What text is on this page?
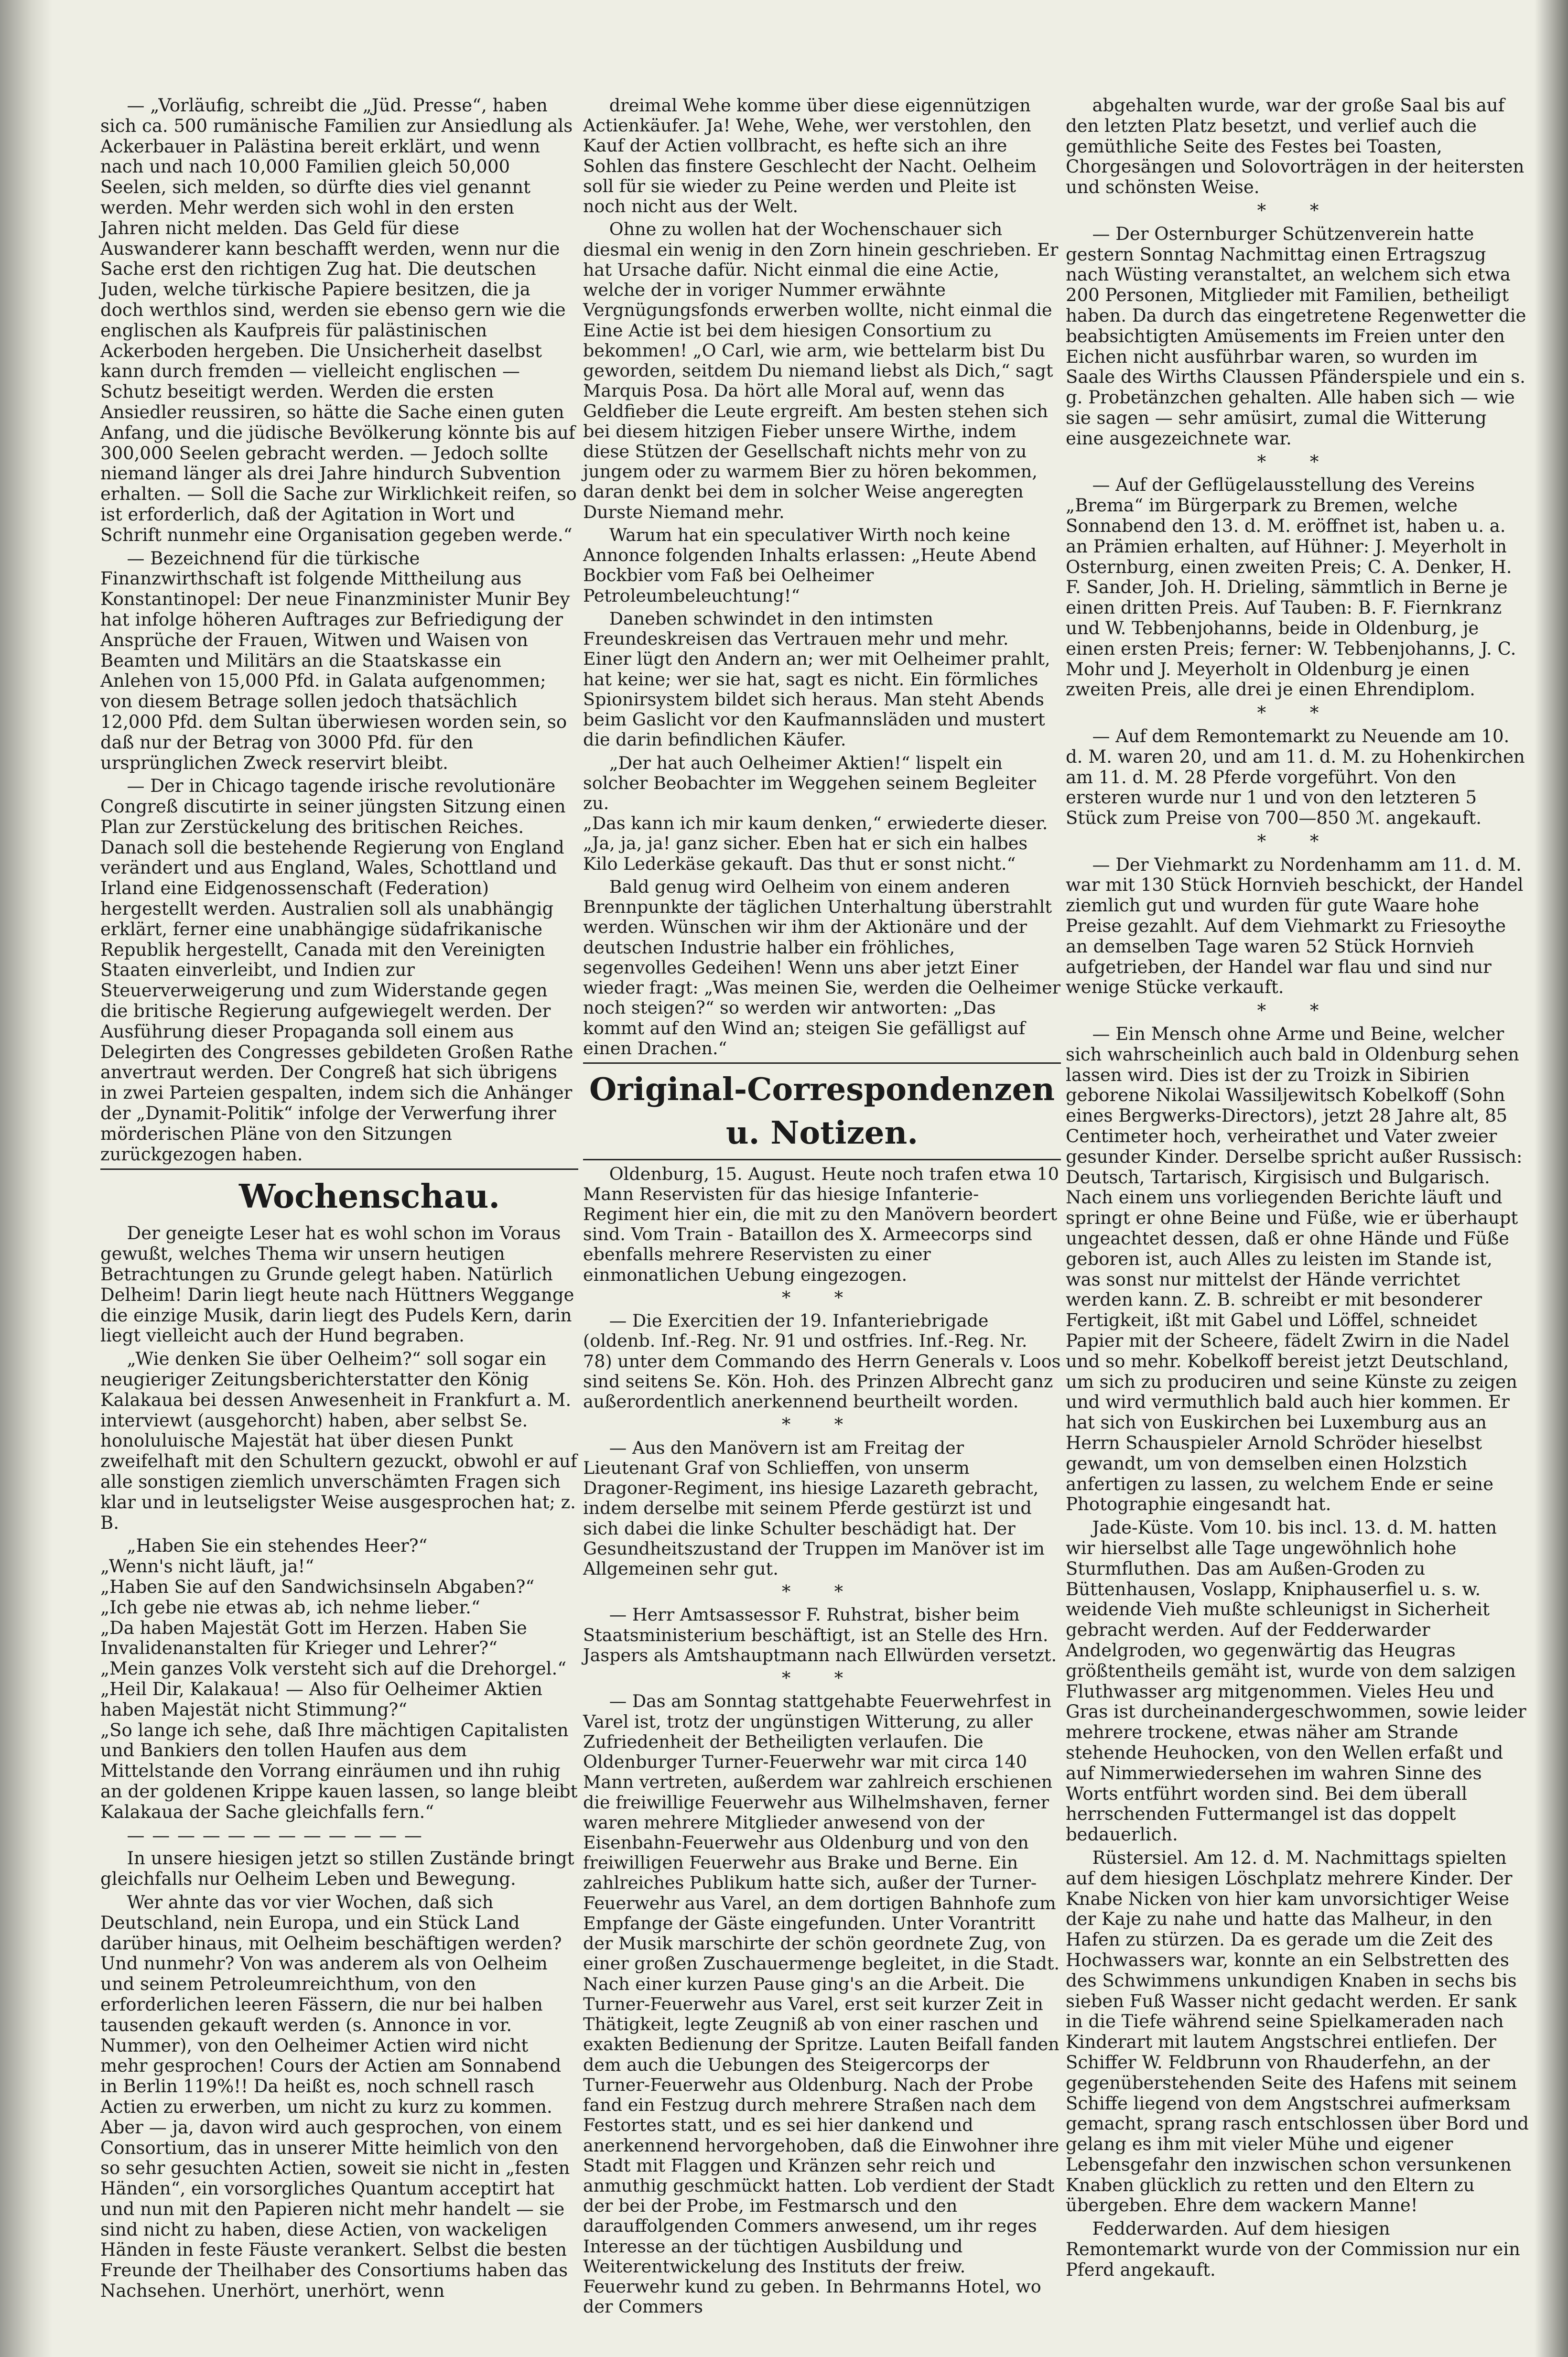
— „Vorläufig, schreibt die „Jüd. Presse“, haben sich ca. 500 rumänische Familien zur Ansiedlung als Ackerbauer in Palästina bereit erklärt, und wenn nach und nach 10,000 Familien gleich 50,000 Seelen, sich melden, so dürfte dies viel genannt werden. Mehr werden sich wohl in den ersten Jahren nicht melden. Das Geld für diese Auswanderer kann beschafft werden, wenn nur die Sache erst den richtigen Zug hat. Die deutschen Juden, welche türkische Papiere besitzen, die ja doch werthlos sind, werden sie ebenso gern wie die englischen als Kaufpreis für palästinischen Ackerboden hergeben. Die Unsicherheit daselbst kann durch fremden — vielleicht englischen — Schutz beseitigt werden. Werden die ersten Ansiedler reussiren, so hätte die Sache einen guten Anfang, und die jüdische Bevölkerung könnte bis auf 300,000 Seelen gebracht werden. — Jedoch sollte niemand länger als drei Jahre hindurch Subvention erhalten. — Soll die Sache zur Wirklichkeit reifen, so ist erforderlich, daß der Agitation in Wort und Schrift nunmehr eine Organisation gegeben werde.“

— Bezeichnend für die türkische Finanzwirthschaft ist folgende Mittheilung aus Konstantinopel: Der neue Finanzminister Munir Bey hat infolge höheren Auftrages zur Befriedigung der Ansprüche der Frauen, Witwen und Waisen von Beamten und Militärs an die Staatskasse ein Anlehen von 15,000 Pfd. in Galata aufgenommen; von diesem Betrage sollen jedoch thatsächlich 12,000 Pfd. dem Sultan überwiesen worden sein, so daß nur der Betrag von 3000 Pfd. für den ursprünglichen Zweck reservirt bleibt.

— Der in Chicago tagende irische revolutionäre Congreß discutirte in seiner jüngsten Sitzung einen Plan zur Zerstückelung des britischen Reiches. Danach soll die bestehende Regierung von England verändert und aus England, Wales, Schottland und Irland eine Eidgenossenschaft (Federation) hergestellt werden. Australien soll als unabhängig erklärt, ferner eine unabhängige südafrikanische Republik hergestellt, Canada mit den Vereinigten Staaten einverleibt, und Indien zur Steuerverweigerung und zum Widerstande gegen die britische Regierung aufgewiegelt werden. Der Ausführung dieser Propaganda soll einem aus Delegirten des Congresses gebildeten Großen Rathe anvertraut werden. Der Congreß hat sich übrigens in zwei Parteien gespalten, indem sich die Anhänger der „Dynamit-Politik“ infolge der Verwerfung ihrer mörderischen Pläne von den Sitzungen zurückgezogen haben.

Wochenschau.

Der geneigte Leser hat es wohl schon im Voraus gewußt, welches Thema wir unsern heutigen Betrachtungen zu Grunde gelegt haben. Natürlich Delheim! Darin liegt heute nach Hüttners Weggange die einzige Musik, darin liegt des Pudels Kern, darin liegt vielleicht auch der Hund begraben.

„Wie denken Sie über Oelheim?“ soll sogar ein neugieriger Zeitungsberichterstatter den König Kalakaua bei dessen Anwesenheit in Frankfurt a. M. interviewt (ausgehorcht) haben, aber selbst Se. honoluluische Majestät hat über diesen Punkt zweifelhaft mit den Schultern gezuckt, obwohl er auf alle sonstigen ziemlich unverschämten Fragen sich klar und in leutseligster Weise ausgesprochen hat; z. B.

„Haben Sie ein stehendes Heer?“
„Wenn's nicht läuft, ja!“
„Haben Sie auf den Sandwichsinseln Abgaben?“
„Ich gebe nie etwas ab, ich nehme lieber.“
„Da haben Majestät Gott im Herzen. Haben Sie Invalidenanstalten für Krieger und Lehrer?“
„Mein ganzes Volk versteht sich auf die Drehorgel.“
„Heil Dir, Kalakaua! — Also für Oelheimer Aktien haben Majestät nicht Stimmung?“
„So lange ich sehe, daß Ihre mächtigen Capitalisten und Bankiers den tollen Haufen aus dem Mittelstande den Vorrang einräumen und ihn ruhig an der goldenen Krippe kauen lassen, so lange bleibt Kalakaua der Sache gleichfalls fern.“

— — — — — — — — — — — —

In unsere hiesigen jetzt so stillen Zustände bringt gleichfalls nur Oelheim Leben und Bewegung.

Wer ahnte das vor vier Wochen, daß sich Deutschland, nein Europa, und ein Stück Land darüber hinaus, mit Oelheim beschäftigen werden? Und nunmehr? Von was anderem als von Oelheim und seinem Petroleumreichthum, von den erforderlichen leeren Fässern, die nur bei halben tausenden gekauft werden (s. Annonce in vor. Nummer), von den Oelheimer Actien wird nicht mehr gesprochen! Cours der Actien am Sonnabend in Berlin 119%!! Da heißt es, noch schnell rasch Actien zu erwerben, um nicht zu kurz zu kommen. Aber — ja, davon wird auch gesprochen, von einem Consortium, das in unserer Mitte heimlich von den so sehr gesuchten Actien, soweit sie nicht in „festen Händen“, ein vorsorgliches Quantum acceptirt hat und nun mit den Papieren nicht mehr handelt — sie sind nicht zu haben, diese Actien, von wackeligen Händen in feste Fäuste verankert. Selbst die besten Freunde der Theilhaber des Consortiums haben das Nachsehen. Unerhört, unerhört, wenn

dreimal Wehe komme über diese eigennützigen Actienkäufer. Ja! Wehe, Wehe, wer verstohlen, den Kauf der Actien vollbracht, es hefte sich an ihre Sohlen das finstere Geschlecht der Nacht. Oelheim soll für sie wieder zu Peine werden und Pleite ist noch nicht aus der Welt.

Ohne zu wollen hat der Wochenschauer sich diesmal ein wenig in den Zorn hinein geschrieben. Er hat Ursache dafür. Nicht einmal die eine Actie, welche der in voriger Nummer erwähnte Vergnügungsfonds erwerben wollte, nicht einmal die Eine Actie ist bei dem hiesigen Consortium zu bekommen! „O Carl, wie arm, wie bettelarm bist Du geworden, seitdem Du niemand liebst als Dich,“ sagt Marquis Posa. Da hört alle Moral auf, wenn das Geldfieber die Leute ergreift. Am besten stehen sich bei diesem hitzigen Fieber unsere Wirthe, indem diese Stützen der Gesellschaft nichts mehr von zu jungem oder zu warmem Bier zu hören bekommen, daran denkt bei dem in solcher Weise angeregten Durste Niemand mehr.

Warum hat ein speculativer Wirth noch keine Annonce folgenden Inhalts erlassen: „Heute Abend Bockbier vom Faß bei Oelheimer Petroleumbeleuchtung!“

Daneben schwindet in den intimsten Freundeskreisen das Vertrauen mehr und mehr. Einer lügt den Andern an; wer mit Oelheimer prahlt, hat keine; wer sie hat, sagt es nicht. Ein förmliches Spionirsystem bildet sich heraus. Man steht Abends beim Gaslicht vor den Kaufmannsläden und mustert die darin befindlichen Käufer.

„Der hat auch Oelheimer Aktien!“ lispelt ein solcher Beobachter im Weggehen seinem Begleiter zu.
„Das kann ich mir kaum denken,“ erwiederte dieser.
„Ja, ja, ja! ganz sicher. Eben hat er sich ein halbes Kilo Lederkäse gekauft. Das thut er sonst nicht.“

Bald genug wird Oelheim von einem anderen Brennpunkte der täglichen Unterhaltung überstrahlt werden. Wünschen wir ihm der Aktionäre und der deutschen Industrie halber ein fröhliches, segenvolles Gedeihen! Wenn uns aber jetzt Einer wieder fragt: „Was meinen Sie, werden die Oelheimer noch steigen?“ so werden wir antworten: „Das kommt auf den Wind an; steigen Sie gefälligst auf einen Drachen.“

Original-Correspondenzen u. Notizen.

Oldenburg, 15. August. Heute noch trafen etwa 10 Mann Reservisten für das hiesige Infanterie-Regiment hier ein, die mit zu den Manövern beordert sind. Vom Train - Bataillon des X. Armeecorps sind ebenfalls mehrere Reservisten zu einer einmonatlichen Uebung eingezogen.

* *

— Die Exercitien der 19. Infanteriebrigade (oldenb. Inf.-Reg. Nr. 91 und ostfries. Inf.-Reg. Nr. 78) unter dem Commando des Herrn Generals v. Loos sind seitens Se. Kön. Hoh. des Prinzen Albrecht ganz außerordentlich anerkennend beurtheilt worden.

* *

— Aus den Manövern ist am Freitag der Lieutenant Graf von Schlieffen, von unserm Dragoner-Regiment, ins hiesige Lazareth gebracht, indem derselbe mit seinem Pferde gestürzt ist und sich dabei die linke Schulter beschädigt hat. Der Gesundheitszustand der Truppen im Manöver ist im Allgemeinen sehr gut.

* *

— Herr Amtsassessor F. Ruhstrat, bisher beim Staatsministerium beschäftigt, ist an Stelle des Hrn. Jaspers als Amtshauptmann nach Ellwürden versetzt.

* *

— Das am Sonntag stattgehabte Feuerwehrfest in Varel ist, trotz der ungünstigen Witterung, zu aller Zufriedenheit der Betheiligten verlaufen. Die Oldenburger Turner-Feuerwehr war mit circa 140 Mann vertreten, außerdem war zahlreich erschienen die freiwillige Feuerwehr aus Wilhelmshaven, ferner waren mehrere Mitglieder anwesend von der Eisenbahn-Feuerwehr aus Oldenburg und von den freiwilligen Feuerwehr aus Brake und Berne. Ein zahlreiches Publikum hatte sich, außer der Turner-Feuerwehr aus Varel, an dem dortigen Bahnhofe zum Empfange der Gäste eingefunden. Unter Vorantritt der Musik marschirte der schön geordnete Zug, von einer großen Zuschauermenge begleitet, in die Stadt. Nach einer kurzen Pause ging's an die Arbeit. Die Turner-Feuerwehr aus Varel, erst seit kurzer Zeit in Thätigkeit, legte Zeugniß ab von einer raschen und exakten Bedienung der Spritze. Lauten Beifall fanden dem auch die Uebungen des Steigercorps der Turner-Feuerwehr aus Oldenburg. Nach der Probe fand ein Festzug durch mehrere Straßen nach dem Festortes statt, und es sei hier dankend und anerkennend hervorgehoben, daß die Einwohner ihre Stadt mit Flaggen und Kränzen sehr reich und anmuthig geschmückt hatten. Lob verdient der Stadt der bei der Probe, im Festmarsch und den darauffolgenden Commers anwesend, um ihr reges Interesse an der tüchtigen Ausbildung und Weiterentwickelung des Instituts der freiw. Feuerwehr kund zu geben. In Behrmanns Hotel, wo der Commers

abgehalten wurde, war der große Saal bis auf den letzten Platz besetzt, und verlief auch die gemüthliche Seite des Festes bei Toasten, Chorgesängen und Solovorträgen in der heitersten und schönsten Weise.

* *

— Der Osternburger Schützenverein hatte gestern Sonntag Nachmittag einen Ertragszug nach Wüsting veranstaltet, an welchem sich etwa 200 Personen, Mitglieder mit Familien, betheiligt haben. Da durch das eingetretene Regenwetter die beabsichtigten Amüsements im Freien unter den Eichen nicht ausführbar waren, so wurden im Saale des Wirths Claussen Pfänderspiele und ein s. g. Probetänzchen gehalten. Alle haben sich — wie sie sagen — sehr amüsirt, zumal die Witterung eine ausgezeichnete war.

* *

— Auf der Geflügelausstellung des Vereins „Brema“ im Bürgerpark zu Bremen, welche Sonnabend den 13. d. M. eröffnet ist, haben u. a. an Prämien erhalten, auf Hühner: J. Meyerholt in Osternburg, einen zweiten Preis; C. A. Denker, H. F. Sander, Joh. H. Drieling, sämmtlich in Berne je einen dritten Preis. Auf Tauben: B. F. Fiernkranz und W. Tebbenjohanns, beide in Oldenburg, je einen ersten Preis; ferner: W. Tebbenjohanns, J. C. Mohr und J. Meyerholt in Oldenburg je einen zweiten Preis, alle drei je einen Ehrendiplom.

* *

— Auf dem Remontemarkt zu Neuende am 10. d. M. waren 20, und am 11. d. M. zu Hohenkirchen am 11. d. M. 28 Pferde vorgeführt. Von den ersteren wurde nur 1 und von den letzteren 5 Stück zum Preise von 700—850 ℳ. angekauft.

* *

— Der Viehmarkt zu Nordenhamm am 11. d. M. war mit 130 Stück Hornvieh beschickt, der Handel ziemlich gut und wurden für gute Waare hohe Preise gezahlt. Auf dem Viehmarkt zu Friesoythe an demselben Tage waren 52 Stück Hornvieh aufgetrieben, der Handel war flau und sind nur wenige Stücke verkauft.

* *

— Ein Mensch ohne Arme und Beine, welcher sich wahrscheinlich auch bald in Oldenburg sehen lassen wird. Dies ist der zu Troizk in Sibirien geborene Nikolai Wassiljewitsch Kobelkoff (Sohn eines Bergwerks-Directors), jetzt 28 Jahre alt, 85 Centimeter hoch, verheirathet und Vater zweier gesunder Kinder. Derselbe spricht außer Russisch: Deutsch, Tartarisch, Kirgisisch und Bulgarisch. Nach einem uns vorliegenden Berichte läuft und springt er ohne Beine und Füße, wie er überhaupt ungeachtet dessen, daß er ohne Hände und Füße geboren ist, auch Alles zu leisten im Stande ist, was sonst nur mittelst der Hände verrichtet werden kann. Z. B. schreibt er mit besonderer Fertigkeit, ißt mit Gabel und Löffel, schneidet Papier mit der Scheere, fädelt Zwirn in die Nadel und so mehr. Kobelkoff bereist jetzt Deutschland, um sich zu produciren und seine Künste zu zeigen und wird vermuthlich bald auch hier kommen. Er hat sich von Euskirchen bei Luxemburg aus an Herrn Schauspieler Arnold Schröder hieselbst gewandt, um von demselben einen Holzstich anfertigen zu lassen, zu welchem Ende er seine Photographie eingesandt hat.

Jade-Küste. Vom 10. bis incl. 13. d. M. hatten wir hierselbst alle Tage ungewöhnlich hohe Sturmfluthen. Das am Außen-Groden zu Büttenhausen, Voslapp, Kniphauserfiel u. s. w. weidende Vieh mußte schleunigst in Sicherheit gebracht werden. Auf der Fedderwarder Andelgroden, wo gegenwärtig das Heugras größtentheils gemäht ist, wurde von dem salzigen Fluthwasser arg mitgenommen. Vieles Heu und Gras ist durcheinandergeschwommen, sowie leider mehrere trockene, etwas näher am Strande stehende Heuhocken, von den Wellen erfaßt und auf Nimmerwiedersehen im wahren Sinne des Worts entführt worden sind. Bei dem überall herrschenden Futtermangel ist das doppelt bedauerlich.

Rüstersiel. Am 12. d. M. Nachmittags spielten auf dem hiesigen Löschplatz mehrere Kinder. Der Knabe Nicken von hier kam unvorsichtiger Weise der Kaje zu nahe und hatte das Malheur, in den Hafen zu stürzen. Da es gerade um die Zeit des Hochwassers war, konnte an ein Selbstretten des des Schwimmens unkundigen Knaben in sechs bis sieben Fuß Wasser nicht gedacht werden. Er sank in die Tiefe während seine Spielkameraden nach Kinderart mit lautem Angstschrei entliefen. Der Schiffer W. Feldbrunn von Rhauderfehn, an der gegenüberstehenden Seite des Hafens mit seinem Schiffe liegend von dem Angstschrei aufmerksam gemacht, sprang rasch entschlossen über Bord und gelang es ihm mit vieler Mühe und eigener Lebensgefahr den inzwischen schon versunkenen Knaben glücklich zu retten und den Eltern zu übergeben. Ehre dem wackern Manne!

Fedderwarden. Auf dem hiesigen Remontemarkt wurde von der Commission nur ein Pferd angekauft.
